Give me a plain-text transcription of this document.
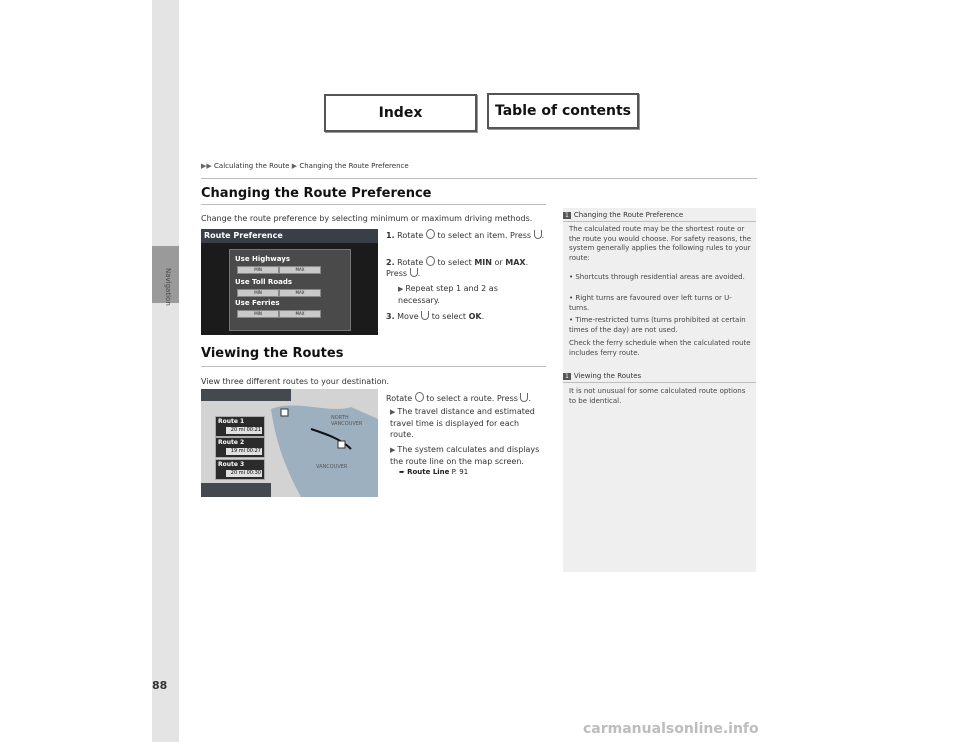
Index	Table of contents
Navigation
88
▶▶ Calculating the Route ▶ Changing the Route Preference
Changing the Route Preference
Change the route preference by selecting minimum or maximum driving methods.
Route Preference
Use Highways
MIN	MAX
Use Toll Roads
MIN	MAX
Use Ferries
MIN	MAX
1. Rotate to select an item. Press .
2. Rotate to select MIN or MAX. Press .
▶ Repeat step 1 and 2 as necessary.
3. Move to select OK.
Viewing the Routes
View three different routes to your destination.
NORTH VANCOUVER
VANCOUVER
Route 1
20 mi 00:21
Route 2
19 mi 00:27
Route 3
20 mi 00:30
Rotate to select a route. Press .
▶ The travel distance and estimated travel time is displayed for each route.
▶ The system calculates and displays the route line on the map screen.
➨ Route Line P. 91
1 Changing the Route Preference
The calculated route may be the shortest route or the route you would choose. For safety reasons, the system generally applies the following rules to your route:
• Shortcuts through residential areas are avoided.
• Right turns are favoured over left turns or U-turns.
• Time-restricted turns (turns prohibited at certain times of the day) are not used.
Check the ferry schedule when the calculated route includes ferry route.
1 Viewing the Routes
It is not unusual for some calculated route options to be identical.
carmanualsonline.info
